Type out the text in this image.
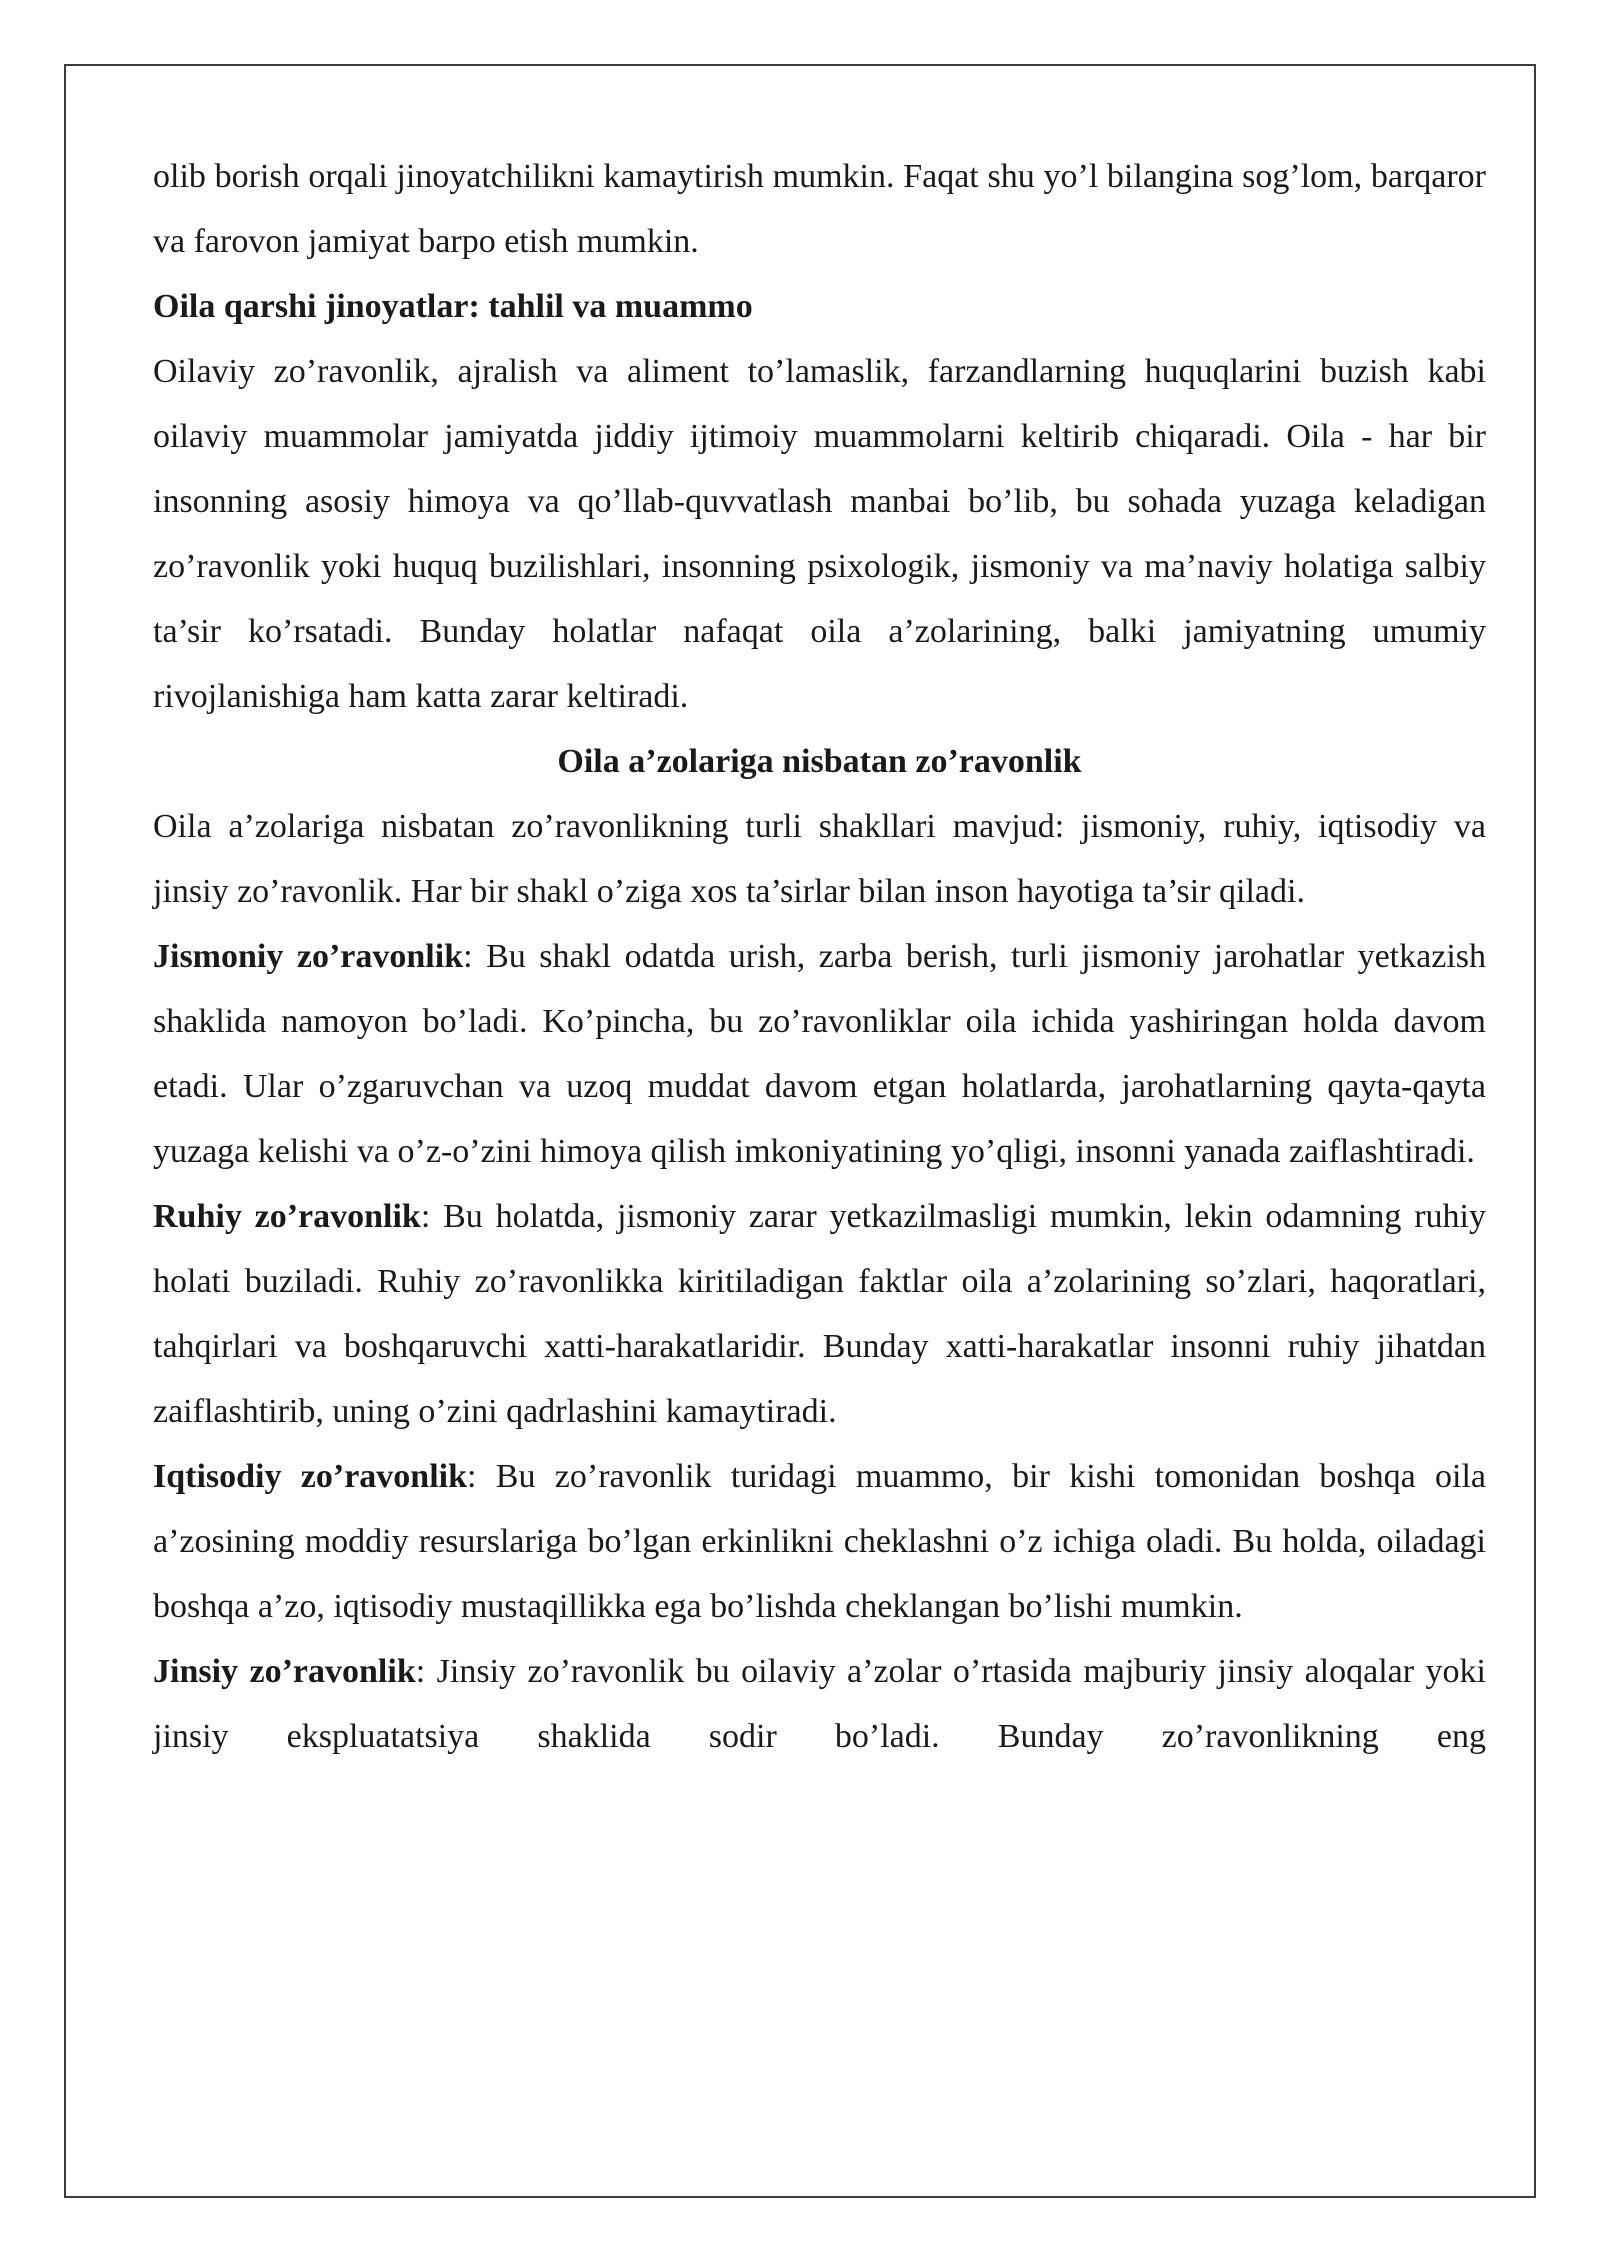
olib borish orqali jinoyatchilikni kamaytirish mumkin. Faqat shu yo’l bilangina sog’lom, barqaror va farovon jamiyat barpo etish mumkin.

Oila qarshi jinoyatlar: tahlil va muammo

Oilaviy zo’ravonlik, ajralish va aliment to’lamaslik, farzandlarning huquqlarini buzish kabi oilaviy muammolar jamiyatda jiddiy ijtimoiy muammolarni keltirib chiqaradi. Oila - har bir insonning asosiy himoya va qo’llab-quvvatlash manbai bo’lib, bu sohada yuzaga keladigan zo’ravonlik yoki huquq buzilishlari, insonning psixologik, jismoniy va ma’naviy holatiga salbiy ta’sir ko’rsatadi. Bunday holatlar nafaqat oila a’zolarining, balki jamiyatning umumiy rivojlanishiga ham katta zarar keltiradi.

Oila a’zolariga nisbatan zo’ravonlik

Oila a’zolariga nisbatan zo’ravonlikning turli shakllari mavjud: jismoniy, ruhiy, iqtisodiy va jinsiy zo’ravonlik. Har bir shakl o’ziga xos ta’sirlar bilan inson hayotiga ta’sir qiladi.

Jismoniy zo’ravonlik: Bu shakl odatda urish, zarba berish, turli jismoniy jarohatlar yetkazish shaklida namoyon bo’ladi. Ko’pincha, bu zo’ravonliklar oila ichida yashiringan holda davom etadi. Ular o’zgaruvchan va uzoq muddat davom etgan holatlarda, jarohatlarning qayta-qayta yuzaga kelishi va o’z-o’zini himoya qilish imkoniyatining yo’qligi, insonni yanada zaiflashtiradi.

Ruhiy zo’ravonlik: Bu holatda, jismoniy zarar yetkazilmasligi mumkin, lekin odamning ruhiy holati buziladi. Ruhiy zo’ravonlikka kiritiladigan faktlar oila a’zolarining so’zlari, haqoratlari, tahqirlari va boshqaruvchi xatti-harakatlaridir. Bunday xatti-harakatlar insonni ruhiy jihatdan zaiflashtirib, uning o’zini qadrlashini kamaytiradi.

Iqtisodiy zo’ravonlik: Bu zo’ravonlik turidagi muammo, bir kishi tomonidan boshqa oila a’zosining moddiy resurslariga bo’lgan erkinlikni cheklashni o’z ichiga oladi. Bu holda, oiladagi boshqa a’zo, iqtisodiy mustaqillikka ega bo’lishda cheklangan bo’lishi mumkin.

Jinsiy zo’ravonlik: Jinsiy zo’ravonlik bu oilaviy a’zolar o’rtasida majburiy jinsiy aloqalar yoki jinsiy ekspluatatsiya shaklida sodir bo’ladi. Bunday zo’ravonlikning eng
